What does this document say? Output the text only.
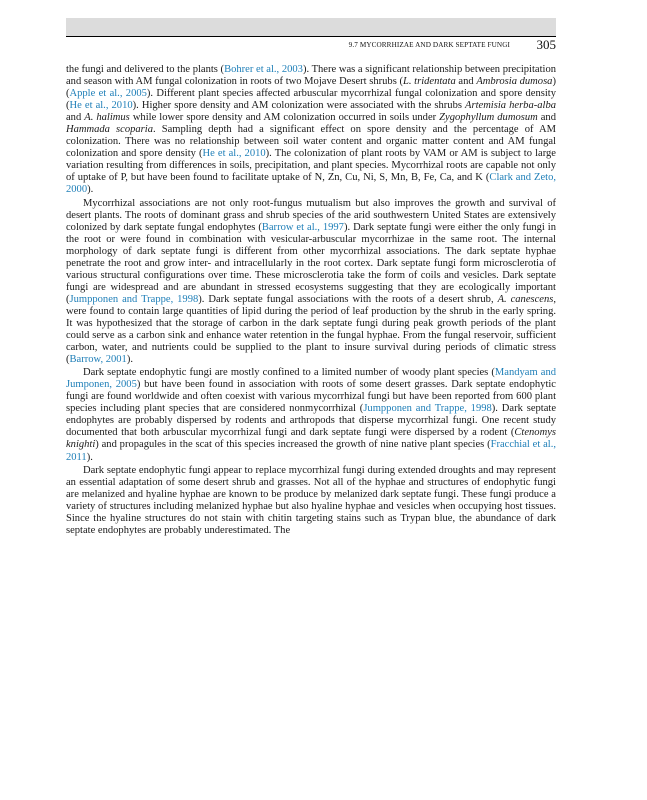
9.7 MYCORRHIZAE AND DARK SEPTATE FUNGI	305

the fungi and delivered to the plants (Bohrer et al., 2003). There was a significant relationship between precipitation and season with AM fungal colonization in roots of two Mojave Desert shrubs (L. tridentata and Ambrosia dumosa) (Apple et al., 2005). Different plant species affected arbuscular mycorrhizal fungal colonization and spore density (He et al., 2010). Higher spore density and AM colonization were associated with the shrubs Artemisia herba-alba and A. halimus while lower spore density and AM colonization occurred in soils under Zygophyllum dumosum and Hammada scoparia. Sampling depth had a significant effect on spore density and the percentage of AM colonization. There was no relationship between soil water content and organic matter content and AM fungal colonization and spore density (He et al., 2010). The colonization of plant roots by VAM or AM is subject to large variation resulting from differences in soils, precipitation, and plant species. Mycorrhizal roots are capable not only of uptake of P, but have been found to facilitate uptake of N, Zn, Cu, Ni, S, Mn, B, Fe, Ca, and K (Clark and Zeto, 2000).

Mycorrhizal associations are not only root-fungus mutualism but also improves the growth and survival of desert plants. The roots of dominant grass and shrub species of the arid southwestern United States are extensively colonized by dark septate fungal endophytes (Barrow et al., 1997). Dark septate fungi were either the only fungi in the root or were found in combination with vesicular-arbuscular mycorrhizae in the same root. The internal morphology of dark septate fungi is different from other mycorrhizal associations. The dark septate hyphae penetrate the root and grow inter- and intracellularly in the root cortex. Dark septate fungi form microsclerotia of various structural configurations over time. These microsclerotia take the form of coils and vesicles. Dark septate fungi are widespread and are abundant in stressed ecosystems suggesting that they are ecologically important (Jumpponen and Trappe, 1998). Dark septate fungal associations with the roots of a desert shrub, A. canescens, were found to contain large quantities of lipid during the period of leaf production by the shrub in the early spring. It was hypothesized that the storage of carbon in the dark septate fungi during peak growth periods of the plant could serve as a carbon sink and enhance water retention in the fungal hyphae. From the fungal reservoir, sufficient carbon, water, and nutrients could be supplied to the plant to insure survival during periods of climatic stress (Barrow, 2001).

Dark septate endophytic fungi are mostly confined to a limited number of woody plant species (Mandyam and Jumponen, 2005) but have been found in association with roots of some desert grasses. Dark septate endophytic fungi are found worldwide and often coexist with various mycorrhizal fungi but have been reported from 600 plant species including plant species that are considered nonmycorrhizal (Jumpponen and Trappe, 1998). Dark septate endophytes are probably dispersed by rodents and arthropods that disperse mycorrhizal fungi. One recent study documented that both arbuscular mycorrhizal fungi and dark septate fungi were dispersed by a rodent (Ctenomys knighti) and propagules in the scat of this species increased the growth of nine native plant species (Fracchial et al., 2011).

Dark septate endophytic fungi appear to replace mycorrhizal fungi during extended droughts and may represent an essential adaptation of some desert shrub and grasses. Not all of the hyphae and structures of endophytic fungi are melanized and hyaline hyphae are known to be produce by melanized dark septate fungi. These fungi produce a variety of structures including melanized hyphae but also hyaline hyphae and vesicles when occupying host tissues. Since the hyaline structures do not stain with chitin targeting stains such as Trypan blue, the abundance of dark septate endophytes are probably underestimated. The
